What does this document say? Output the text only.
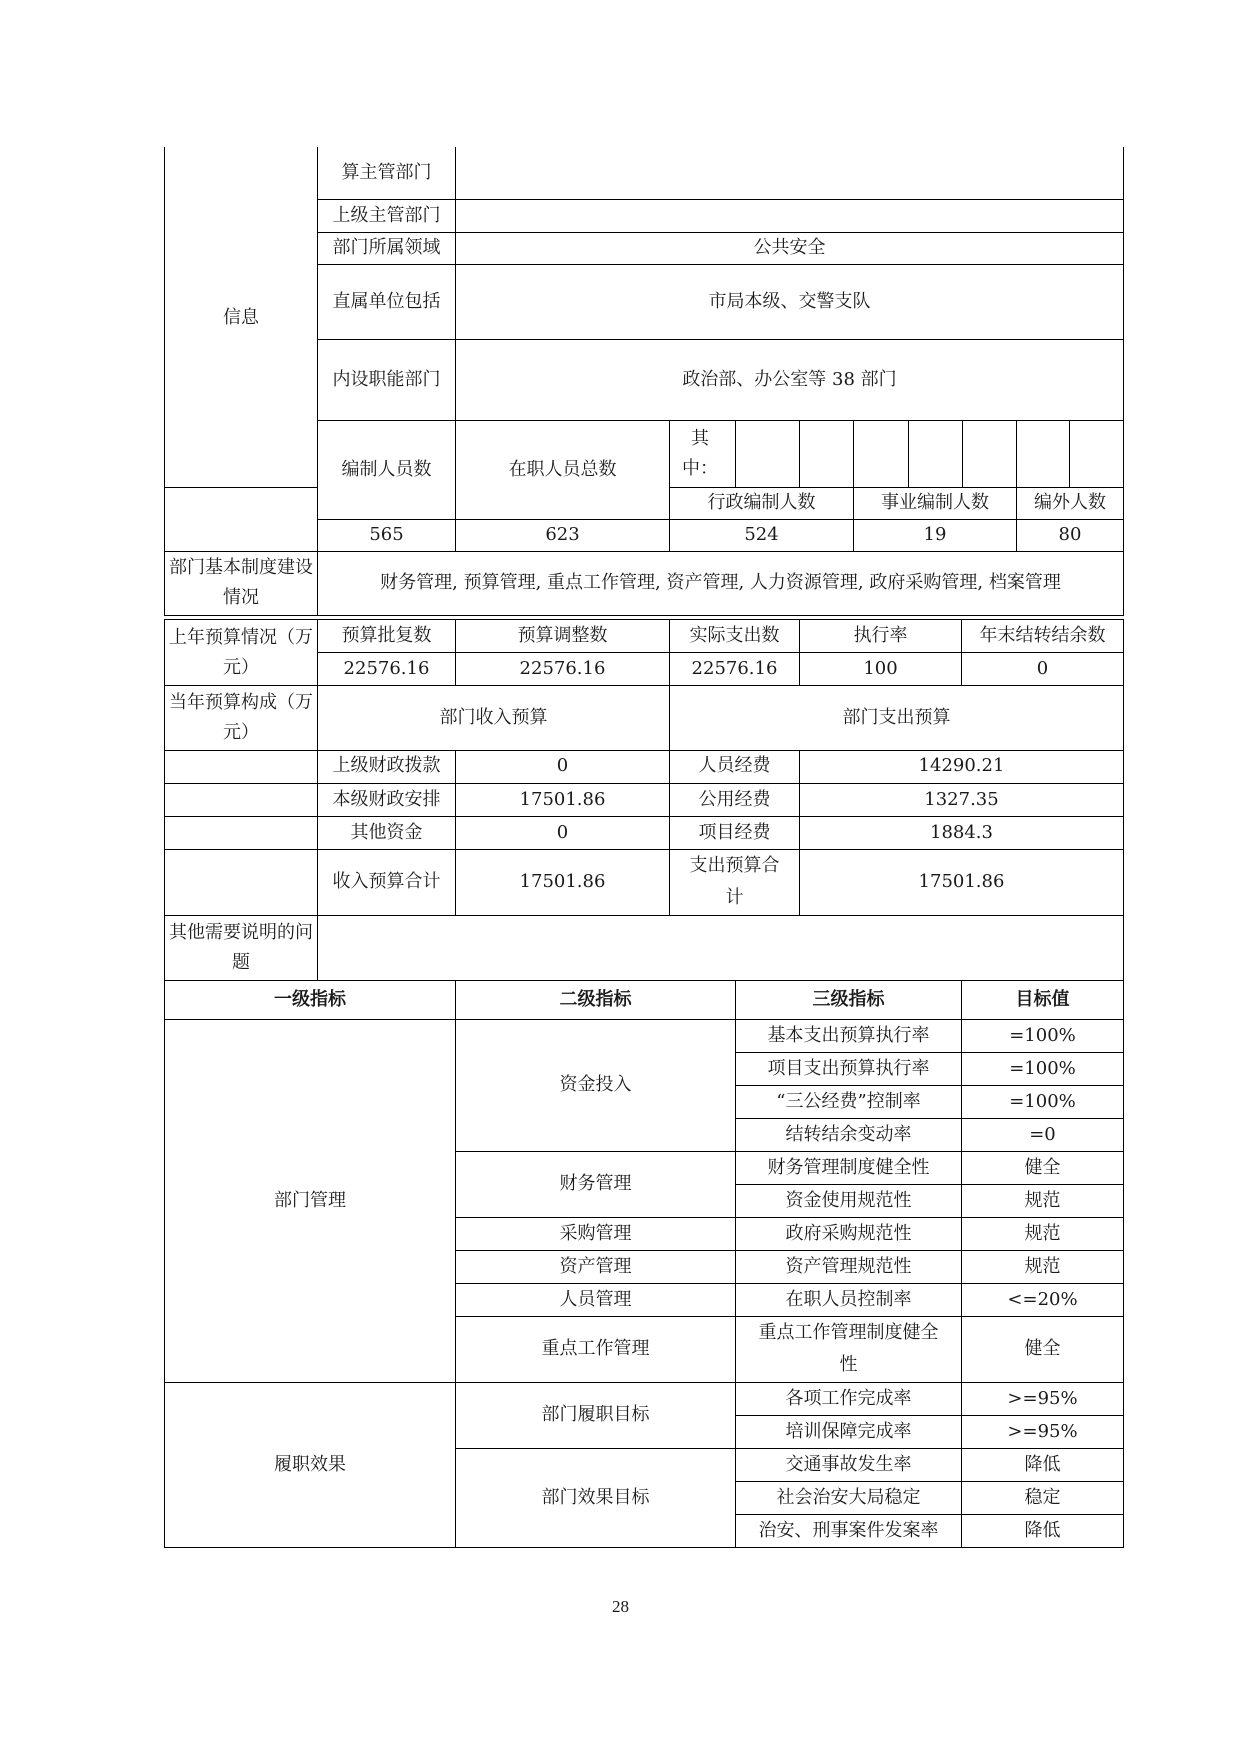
信息	算主管部门									
	上级主管部门									
	部门所属领域	公共安全								
	直属单位包括	市局本级、交警支队								
	内设职能部门	政治部、办公室等 38 部门								
	编制人员数	在职人员总数	其中：							

			行政编制人数			事业编制人数			编外人数	
	565	623	524			19			80	
部门基本制度建设情况	财务管理, 预算管理, 重点工作管理, 资产管理, 人力资源管理, 政府采购管理, 档案管理									
上年预算情况（万元）	预算批复数	预算调整数	实际支出数	执行率	年末结转结余数
	22576.16	22576.16	22576.16	100	0
当年预算构成（万元）	部门收入预算		部门支出预算		
	上级财政拨款	0	人员经费	14290.21
	本级财政安排	17501.86	公用经费	1327.35
	其他资金	0	项目经费	1884.3
	收入预算合计	17501.86	支出预算合计	17501.86
其他需要说明的问题				
一级指标	二级指标	三级指标	目标值
部门管理	资金投入	基本支出预算执行率	=100%
		项目支出预算执行率	=100%
		“三公经费”控制率	=100%
		结转结余变动率	=0
	财务管理	财务管理制度健全性	健全
		资金使用规范性	规范
	采购管理	政府采购规范性	规范
	资产管理	资产管理规范性	规范
	人员管理	在职人员控制率	<=20%
	重点工作管理	重点工作管理制度健全性	健全
履职效果	部门履职目标	各项工作完成率	>=95%
		培训保障完成率	>=95%
	部门效果目标	交通事故发生率	降低
		社会治安大局稳定	稳定
		治安、刑事案件发案率	降低
28
